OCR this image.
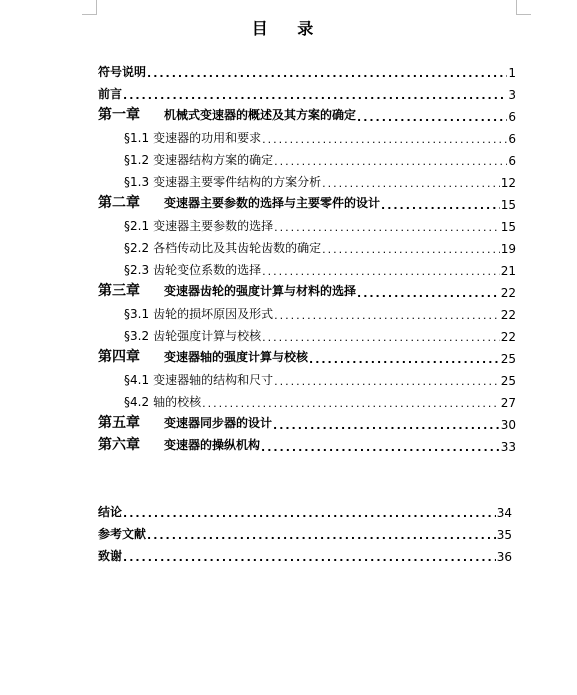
目 录
符号说明 .....	1
前言 .....	3
第一章 机械式变速器的概述及其方案的确定 .....	6
§1.1 变速器的功用和要求 .....	6
§1.2 变速器结构方案的确定 .....	6
§1.3 变速器主要零件结构的方案分析 .....	12
第二章 变速器主要参数的选择与主要零件的设计 .....	15
§2.1 变速器主要参数的选择 .....	15
§2.2 各档传动比及其齿轮齿数的确定 .....	19
§2.3 齿轮变位系数的选择 .....	21
第三章 变速器齿轮的强度计算与材料的选择 .....	22
§3.1 齿轮的损坏原因及形式 .....	22
§3.2 齿轮强度计算与校核 .....	22
第四章 变速器轴的强度计算与校核 .....	25
§4.1 变速器轴的结构和尺寸 .....	25
§4.2 轴的校核 .....	27
第五章 变速器同步器的设计 .....	30
第六章 变速器的操纵机构 .....	33
结论 .....	34
参考文献 .....	35
致谢 .....	36
